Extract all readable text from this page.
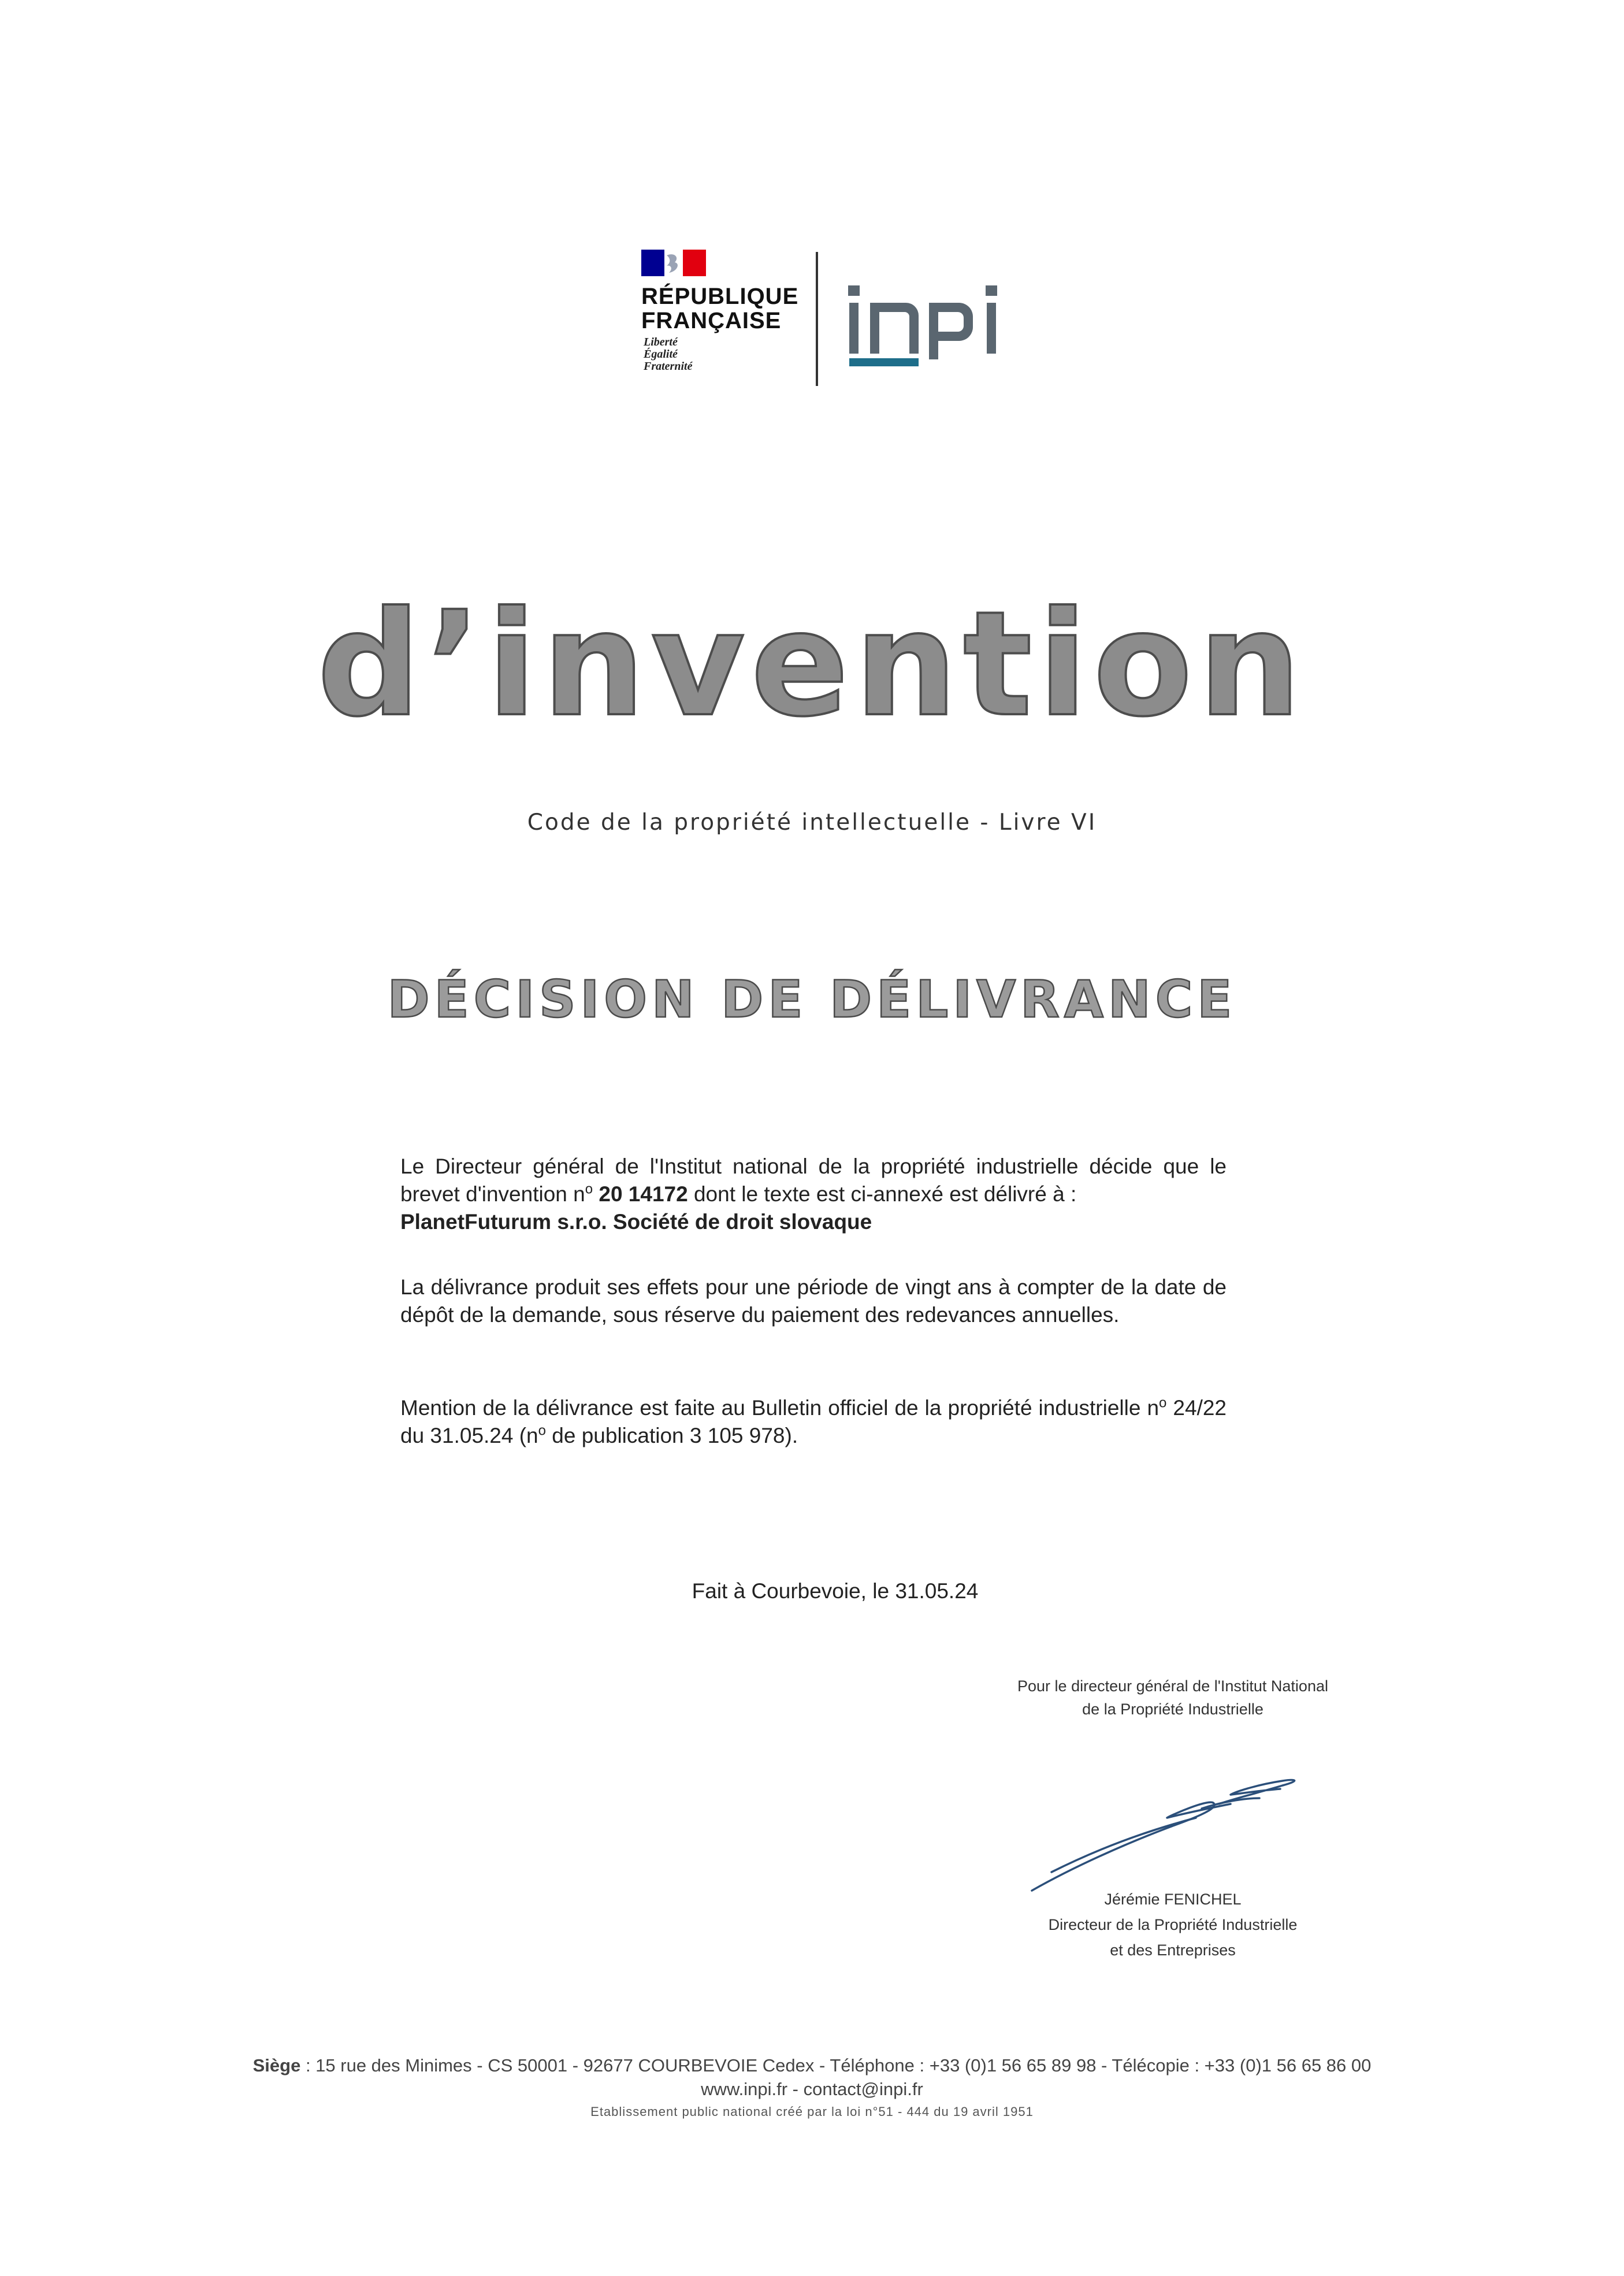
RÉPUBLIQUE
FRANÇAISE
Liberté
Égalité
Fraternité
d’invention
Code de la propriété intellectuelle - Livre VI
DÉCISION DE DÉLIVRANCE
Le Directeur général de l'Institut national de la propriété industrielle décide que le brevet d'invention $n^o$ 20 14172 dont le texte est ci-annexé est délivré à :
PlanetFuturum s.r.o. Société de droit slovaque
La délivrance produit ses effets pour une période de vingt ans à compter de la date de dépôt de la demande, sous réserve du paiement des redevances annuelles.
Mention de la délivrance est faite au Bulletin officiel de la propriété industrielle $n^o$ 24/22 du 31.05.24 ($n^o$ de publication 3 105 978).
Fait à Courbevoie, le 31.05.24
Pour le directeur général de l'Institut National
de la Propriété Industrielle
Jérémie FENICHEL
Directeur de la Propriété Industrielle
et des Entreprises
Siège : 15 rue des Minimes - CS 50001 - 92677 COURBEVOIE Cedex - Téléphone : +33 (0)1 56 65 89 98 - Télécopie : +33 (0)1 56 65 86 00
www.inpi.fr - contact@inpi.fr
Etablissement public national créé par la loi n°51 - 444 du 19 avril 1951
